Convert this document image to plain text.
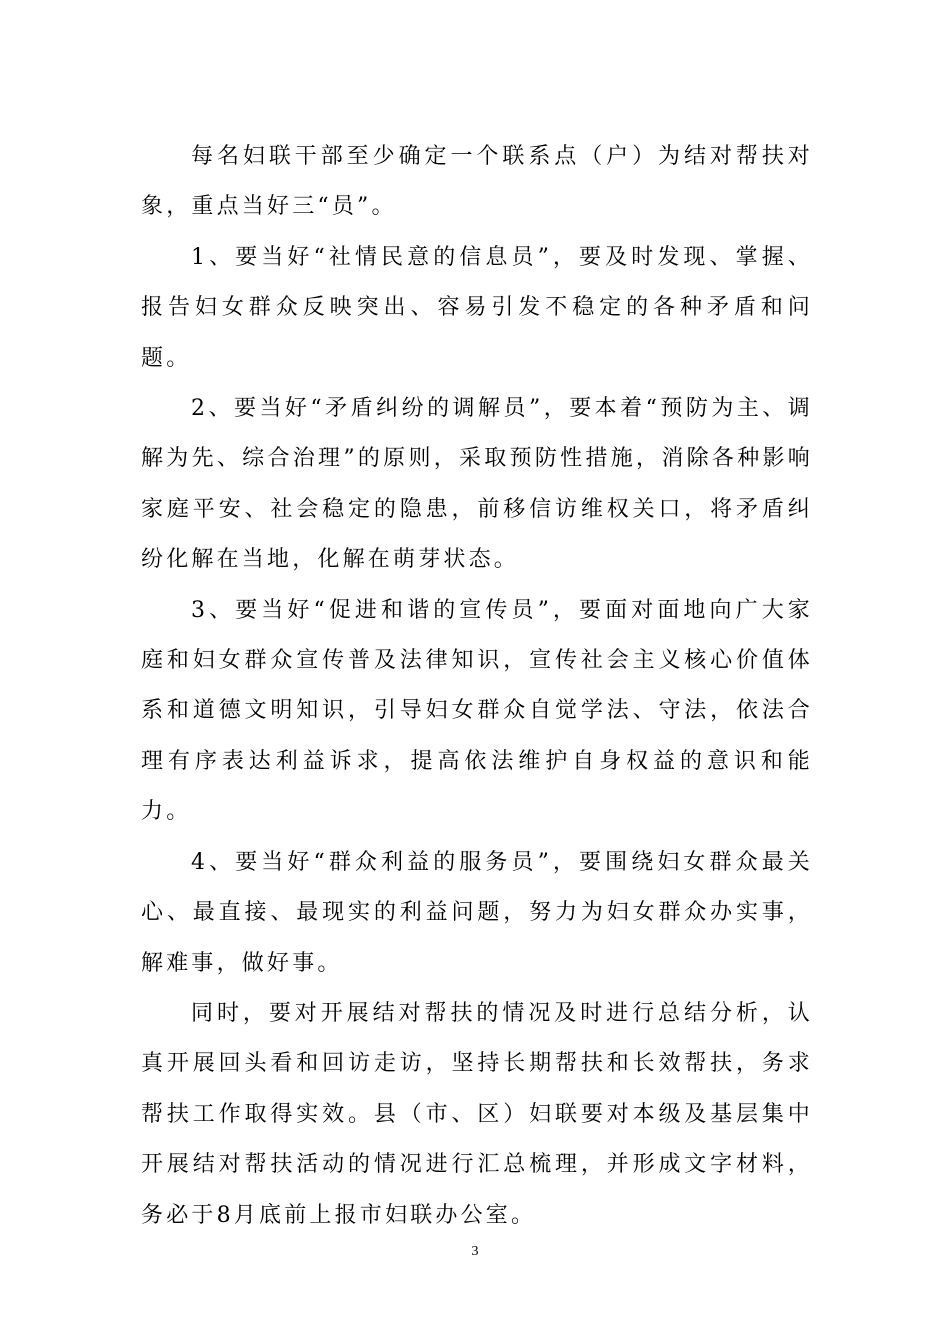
每名妇联干部至少确定一个联系点（户）为结对帮扶对象，重点当好三“员”。

1、要当好“社情民意的信息员”，要及时发现、掌握、报告妇女群众反映突出、容易引发不稳定的各种矛盾和问题。

2、要当好“矛盾纠纷的调解员”，要本着“预防为主、调解为先、综合治理”的原则，采取预防性措施，消除各种影响家庭平安、社会稳定的隐患，前移信访维权关口，将矛盾纠纷化解在当地，化解在萌芽状态。

3、要当好“促进和谐的宣传员”，要面对面地向广大家庭和妇女群众宣传普及法律知识，宣传社会主义核心价值体系和道德文明知识，引导妇女群众自觉学法、守法，依法合理有序表达利益诉求，提高依法维护自身权益的意识和能力。

4、要当好“群众利益的服务员”，要围绕妇女群众最关心、最直接、最现实的利益问题，努力为妇女群众办实事，解难事，做好事。

同时，要对开展结对帮扶的情况及时进行总结分析，认真开展回头看和回访走访，坚持长期帮扶和长效帮扶，务求帮扶工作取得实效。县（市、区）妇联要对本级及基层集中开展结对帮扶活动的情况进行汇总梳理，并形成文字材料，务必于8月底前上报市妇联办公室。

3
